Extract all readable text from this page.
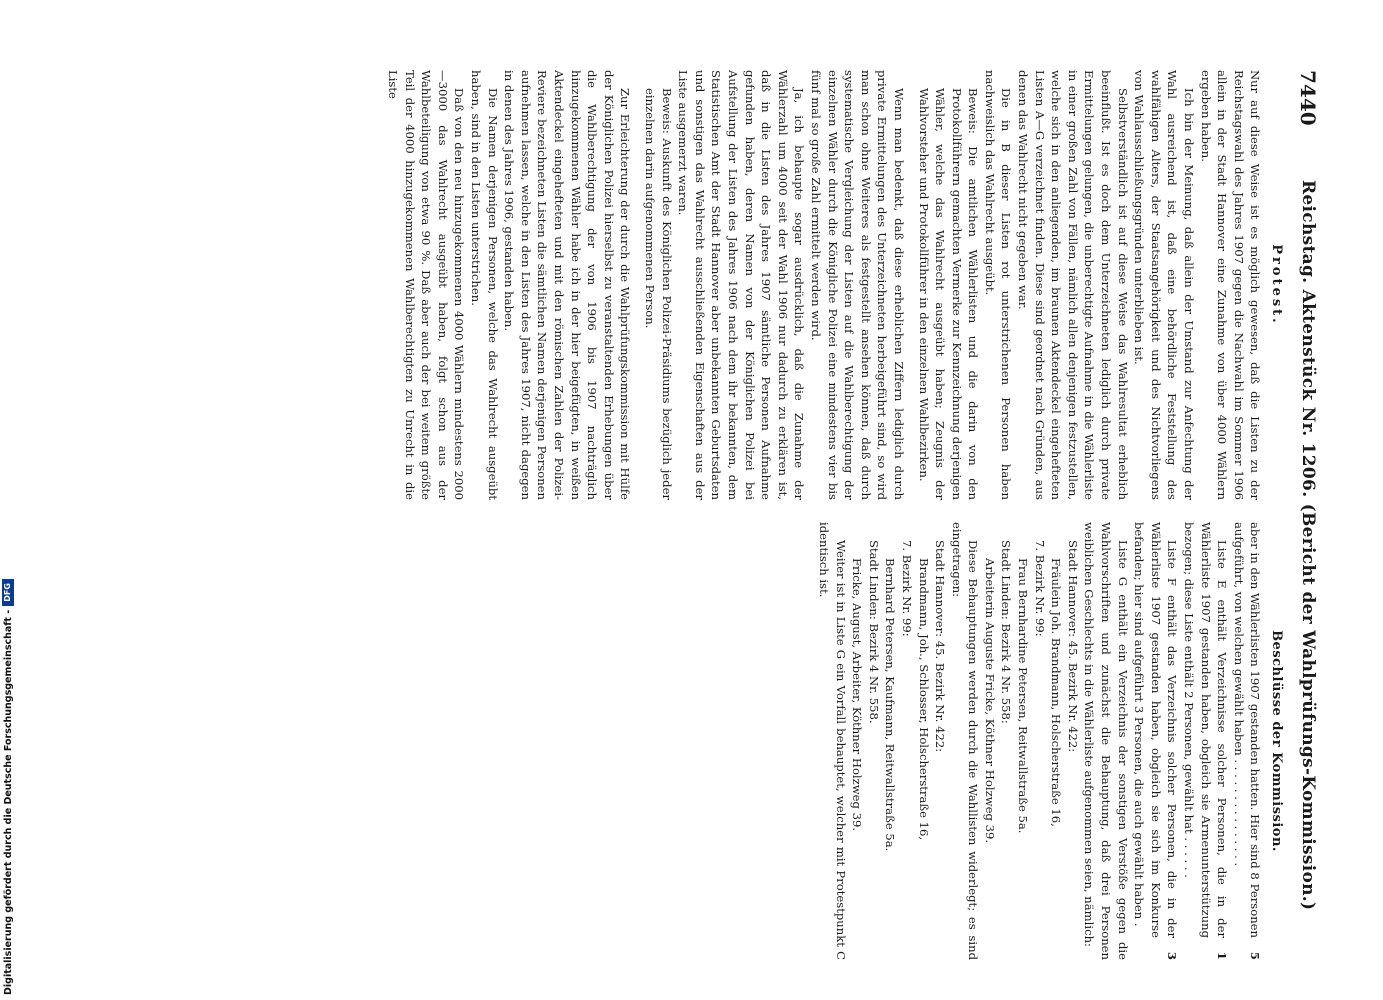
7440
Reichstag. Aktenstück Nr. 1206. (Bericht der Wahlprüfungs-Kommission.)
Protest.

Nur auf diese Weise ist es möglich gewesen, daß die Listen zu der Reichstagswahl des Jahres 1907 gegen die Nachwahl im Sommer 1906 allein in der Stadt Hannover eine Zunahme von über 4000 Wählern ergeben haben.

Ich bin der Meinung, daß allein der Umstand zur Anfechtung der Wahl ausreichend ist, daß eine behördliche Feststellung des wahlfähigen Alters, der Staatsangehörigkeit und des Nichtvorliegens von Wahlausschließungsgründen unterblieben ist.

Selbstverständlich ist auf diese Weise das Wahlresultat erheblich beeinflußt. Ist es doch dem Unterzeichneten lediglich durch private Ermittelungen gelungen, die unberechtigte Aufnahme in die Wählerliste in einer großen Zahl von Fällen, nämlich allen denjenigen festzustellen, welche sich in den anliegenden, im braunen Aktendeckel eingehefteten Listen A—G verzeichnet finden. Diese sind geordnet nach Gründen, aus denen das Wahlrecht nicht gegeben war.

Die in B dieser Listen rot unterstrichenen Personen haben nachweislich das Wahlrecht ausgeübt.

Beweis: Die amtlichen Wählerlisten und die darin von den Protokollführern gemachten Vermerke zur Kennzeichnung derjenigen Wähler, welche das Wahlrecht ausgeübt haben; Zeugnis der Wahlvorsteher und Protokollführer in den einzelnen Wahlbezirken.

Wenn man bedenkt, daß diese erheblichen Ziffern lediglich durch private Ermittelungen des Unterzeichneten herbeigeführt sind, so wird man schon ohne Weiteres als festgestellt ansehen können, daß durch systematische Vergleichung der Listen auf die Wahlberechtigung der einzelnen Wähler durch die Königliche Polizei eine mindestens vier bis fünf mal so große Zahl ermittelt werden wird.

Ja, ich behaupte sogar ausdrücklich, daß die Zunahme der Wählerzahl um 4000 seit der Wahl 1906 nur dadurch zu erklären ist, daß in die Listen des Jahres 1907 sämtliche Personen Aufnahme gefunden haben, deren Namen von der Königlichen Polizei bei Aufstellung der Listen des Jahres 1906 nach dem ihr bekannten, dem Statistischen Amt der Stadt Hannover aber unbekannten Geburtsdaten und sonstigen das Wahlrecht ausschließenden Eigenschaften aus der Liste ausgemerzt waren.

Beweis: Auskunft des Königlichen Polizei-Präsidiums bezüglich jeder einzelnen darin aufgenommenen Person.

Zur Erleichterung der durch die Wahlprüfungskommission mit Hülfe der Königlichen Polizei hierselbst zu veranstaltenden Erhebungen über die Wahlberechtigung der von 1906 bis 1907 nachträglich hinzugekommenen Wähler habe ich in der hier beigefügten, in weißen Aktendeckel eingehefteten und mit den römischen Zahlen der Polizei-Reviere bezeichneten Listen die sämtlichen Namen derjenigen Personen aufnehmen lassen, welche in den Listen des Jahres 1907, nicht dagegen in denen des Jahres 1906, gestanden haben.

Die Namen derjenigen Personen, welche das Wahlrecht ausgeübt haben, sind in den Listen unterstrichen.

Daß von den neu hinzugekommenen 4000 Wählern mindestens 2000—3000 das Wahlrecht ausgeübt haben, folgt schon aus der Wahlbeteiligung von etwa 90 %. Daß aber auch der bei weitem größte Teil der 4000 hinzugekommenen Wahlberechtigten zu Unrecht in die Liste

Beschlüsse der Kommission.

aber in den Wählerlisten 1907 gestanden hatten. Hier sind 8 Personen aufgeführt, von welchen gewählt haben . . . . . . . . . . . . . . .

5

Liste E enthält Verzeichnisse solcher Personen, die in der Wählerliste 1907 gestanden haben, obgleich sie Armenunterstützung bezogen; diese Liste enthält 2 Personen, gewählt hat . . . . . .

1

Liste F enthält das Verzeichnis solcher Personen, die in der Wählerliste 1907 gestanden haben, obgleich sie sich im Konkurse befanden; hier sind aufgeführt 3 Personen, die auch gewählt haben .

3

Liste G enthält ein Verzeichnis der sonstigen Verstöße gegen die Wahlvorschriften und zunächst die Behauptung, daß drei Personen weiblichen Geschlechts in die Wählerliste aufgenommen seien, nämlich:

Stadt Hannover: 45. Bezirk Nr. 422:

Fräulein Joh. Brandmann, Holscherstraße 16,

7. Bezirk Nr. 99:

Frau Bernhardine Petersen, Reitwallstraße 5a.

Stadt Linden: Bezirk 4 Nr. 558:

Arbeiterin Auguste Fricke, Köthner Holzweg 39.

Diese Behauptungen werden durch die Wahllisten widerlegt; es sind eingetragen:

Stadt Hannover: 45. Bezirk Nr. 422:

Brandmann, Joh., Schlosser, Holscherstraße 16,

7. Bezirk Nr. 99:

Bernhard Petersen, Kaufmann, Reitwallstraße 5a.

Stadt Linden: Bezirk 4 Nr. 558.

Fricke, August, Arbeiter, Köthner Holzweg 39.

Weiter ist in Liste G ein Vorfall behauptet, welcher mit Protestpunkt C identisch ist.

Digitalisierung gefördert durch die Deutsche Forschungsgemeinschaft -
DFG
